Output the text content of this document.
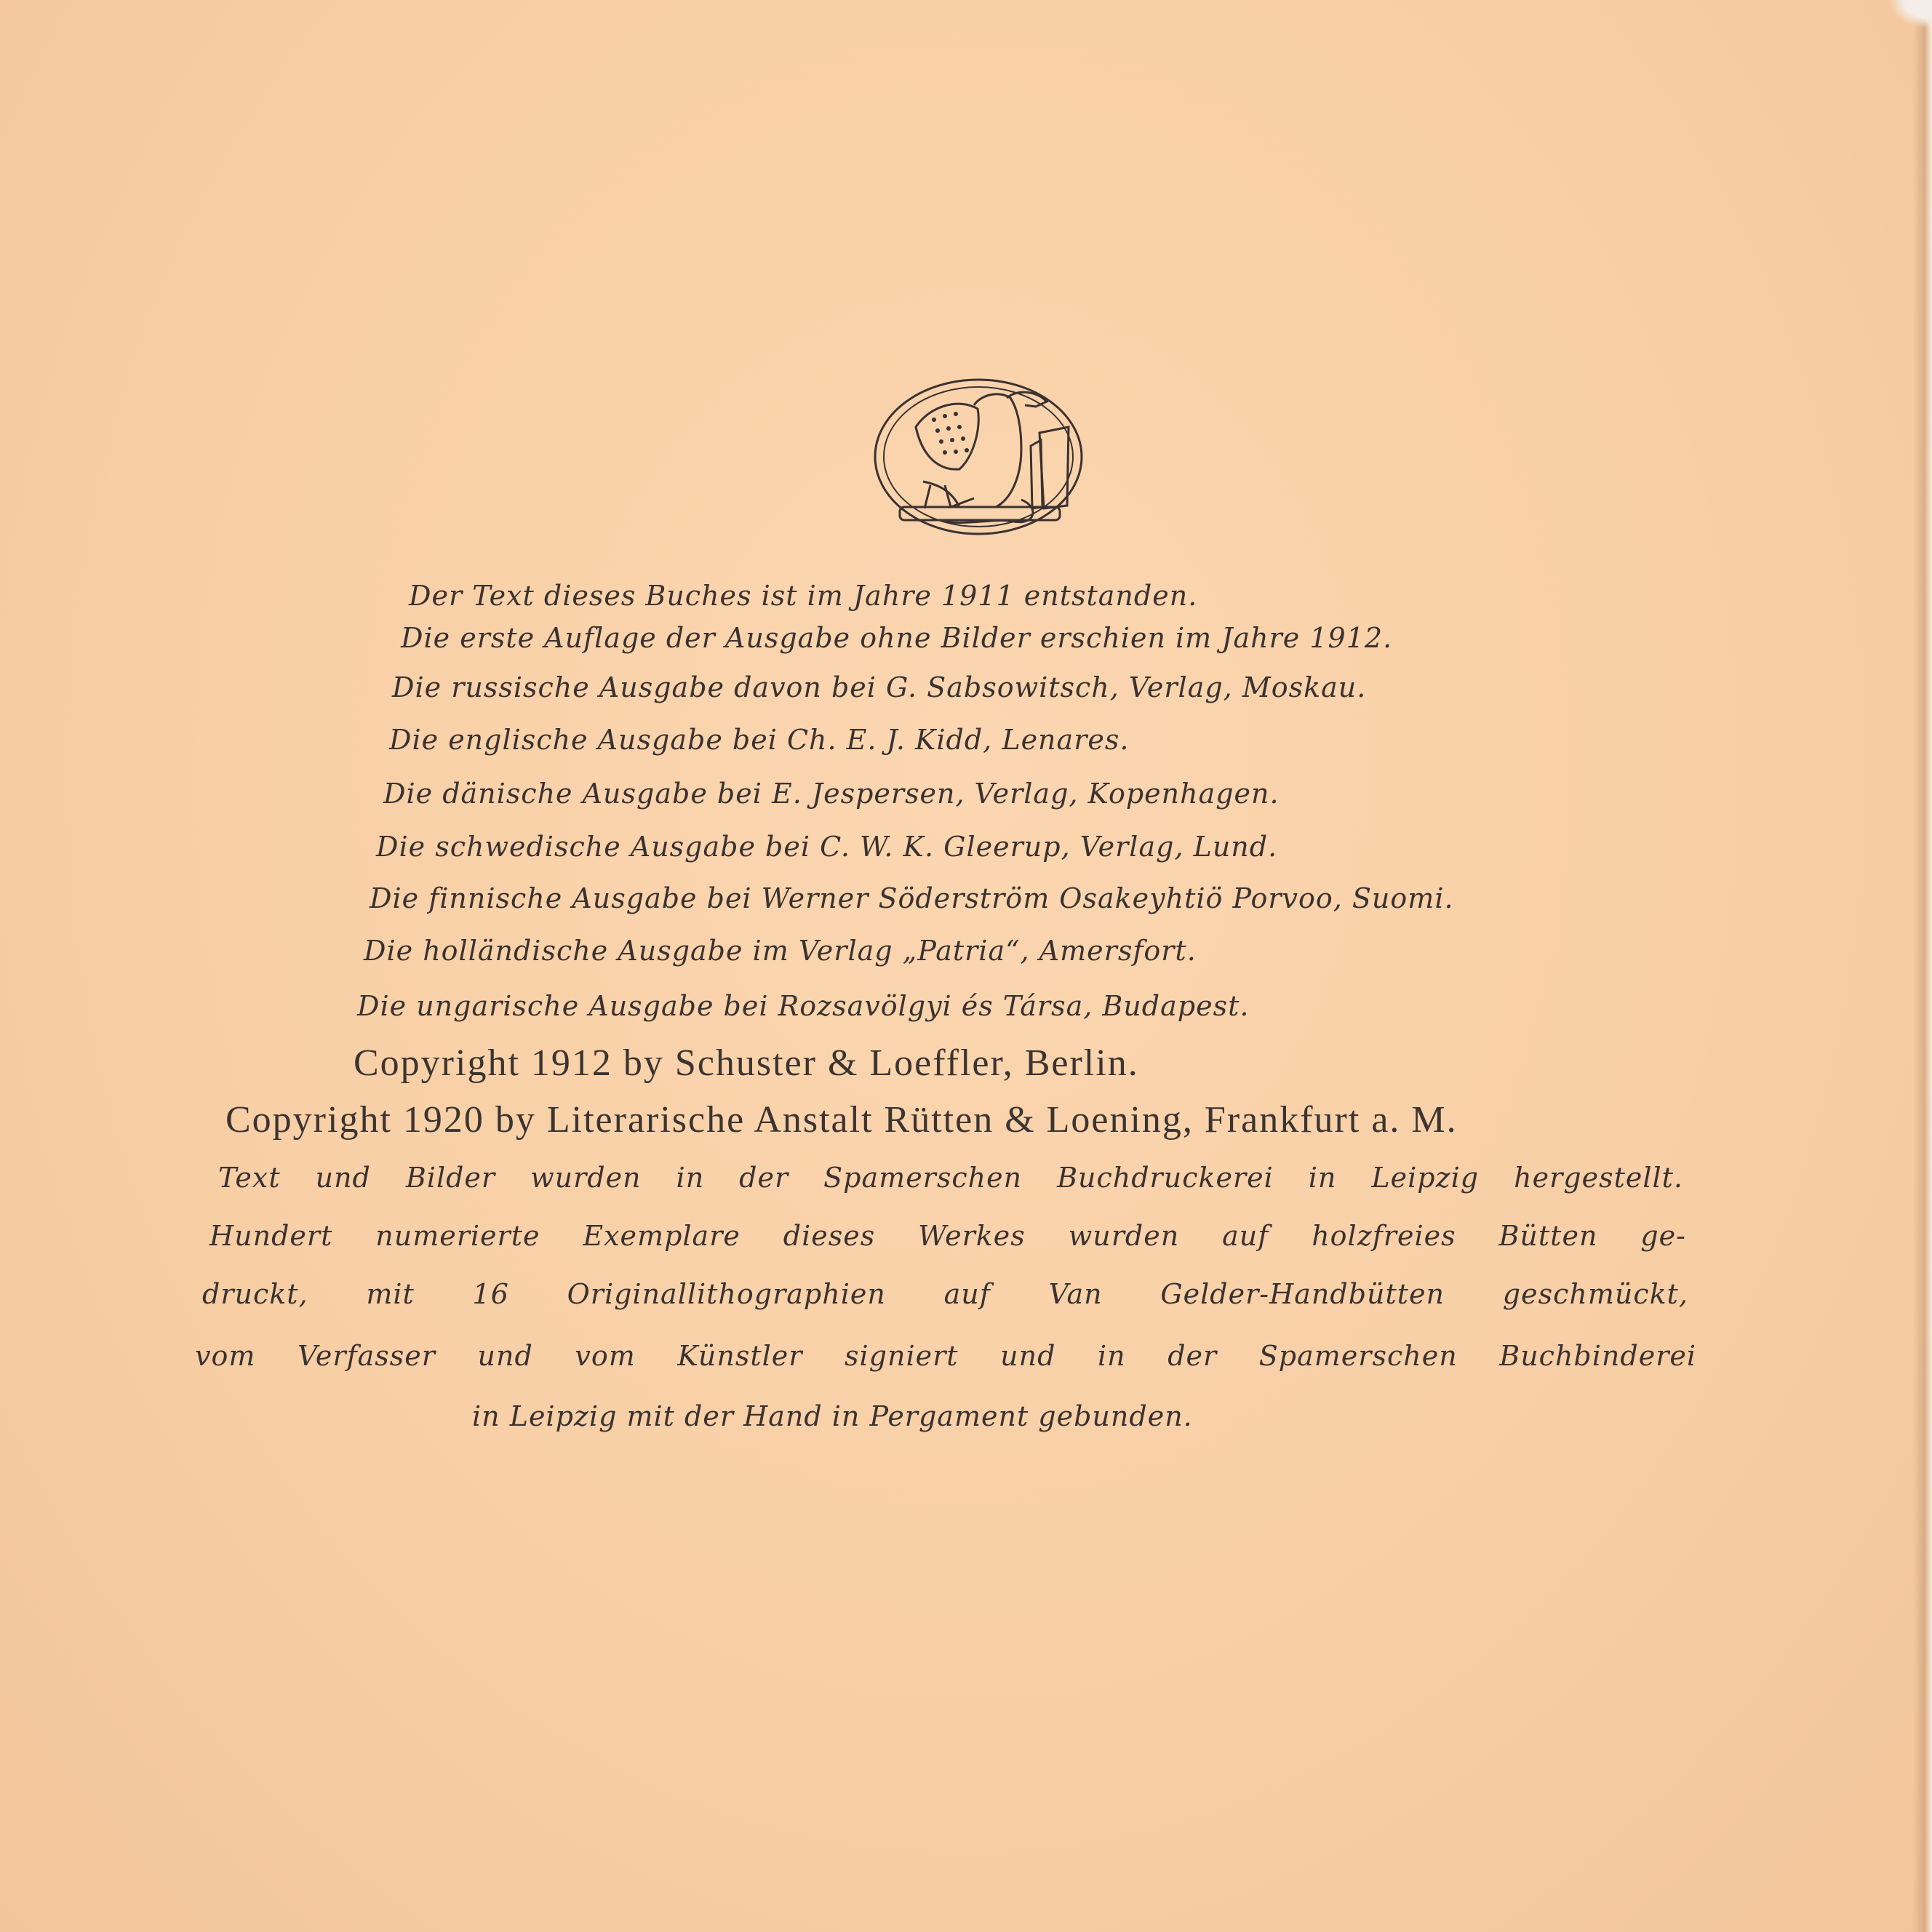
Der Text dieses Buches ist im Jahre 1911 entstanden.
Die erste Auflage der Ausgabe ohne Bilder erschien im Jahre 1912.
Die russische Ausgabe davon bei G. Sabsowitsch, Verlag, Moskau.
Die englische Ausgabe bei Ch. E. J. Kidd, Lenares.
Die dänische Ausgabe bei E. Jespersen, Verlag, Kopenhagen.
Die schwedische Ausgabe bei C. W. K. Gleerup, Verlag, Lund.
Die finnische Ausgabe bei Werner Söderström Osakeyhtiö Porvoo, Suomi.
Die holländische Ausgabe im Verlag „Patria“, Amersfort.
Die ungarische Ausgabe bei Rozsavölgyi és Társa, Budapest.
Copyright 1912 by Schuster & Loeffler, Berlin.
Copyright 1920 by Literarische Anstalt Rütten & Loening, Frankfurt a. M.
Text und Bilder wurden in der Spamerschen Buchdruckerei in Leipzig hergestellt.
Hundert numerierte Exemplare dieses Werkes wurden auf holzfreies Bütten ge-
druckt, mit 16 Originallithographien auf Van Gelder-Handbütten geschmückt,
vom Verfasser und vom Künstler signiert und in der Spamerschen Buchbinderei
in Leipzig mit der Hand in Pergament gebunden.
